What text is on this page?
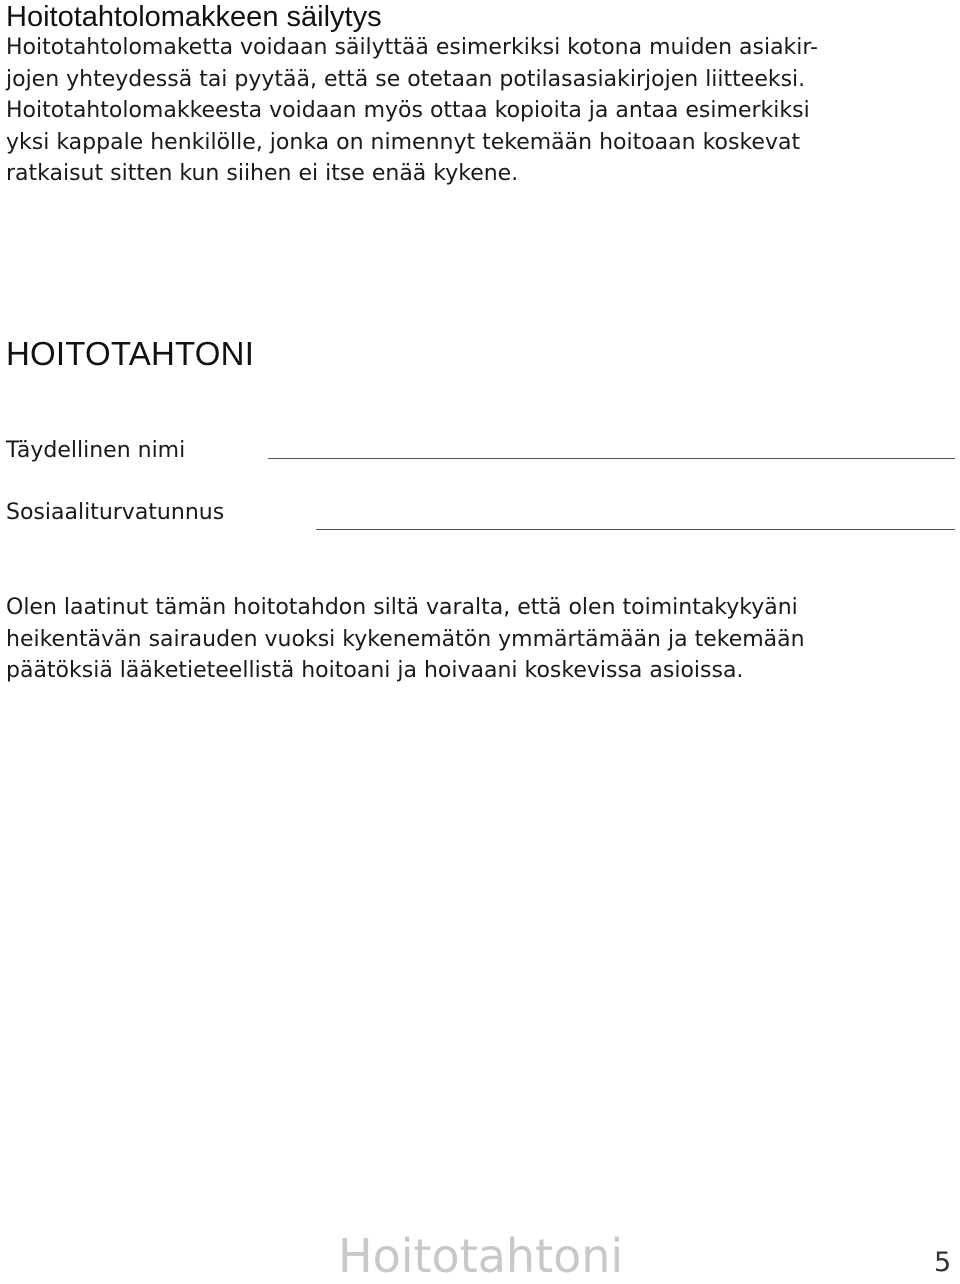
Hoitotahtolomakkeen säilytys

Hoitotahtolomaketta voidaan säilyttää esimerkiksi kotona muiden asiakir-
jojen yhteydessä tai pyytää, että se otetaan potilasasiakirjojen liitteeksi.
Hoitotahtolomakkeesta voidaan myös ottaa kopioita ja antaa esimerkiksi
yksi kappale henkilölle, jonka on nimennyt tekemään hoitoaan koskevat
ratkaisut sitten kun siihen ei itse enää kykene.

HOITOTAHTONI

Täydellinen nimi

Sosiaaliturvatunnus

Olen laatinut tämän hoitotahdon siltä varalta, että olen toimintakykyäni
heikentävän sairauden vuoksi kykenemätön ymmärtämään ja tekemään
päätöksiä lääketieteellistä hoitoani ja hoivaani koskevissa asioissa.

Hoitotahtoni	5
